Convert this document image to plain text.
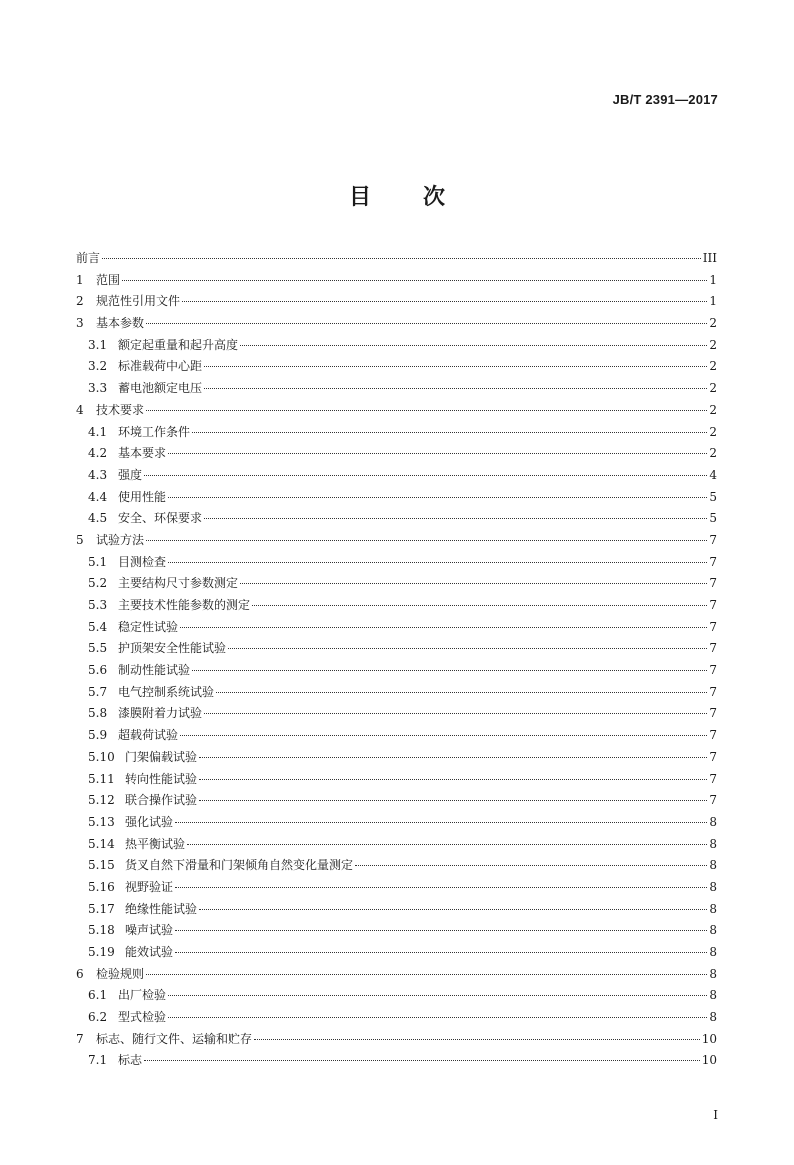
JB/T 2391—2017
目 次
前言	III
1	范围	1
2	规范性引用文件	1
3	基本参数	2
3.1 额定起重量和起升高度	2
3.2 标准载荷中心距	2
3.3 蓄电池额定电压	2
4	技术要求	2
4.1 环境工作条件	2
4.2 基本要求	2
4.3 强度	4
4.4 使用性能	5
4.5 安全、环保要求	5
5	试验方法	7
5.1 目测检查	7
5.2 主要结构尺寸参数测定	7
5.3 主要技术性能参数的测定	7
5.4 稳定性试验	7
5.5 护顶架安全性能试验	7
5.6 制动性能试验	7
5.7 电气控制系统试验	7
5.8 漆膜附着力试验	7
5.9 超载荷试验	7
5.10 门架偏载试验	7
5.11 转向性能试验	7
5.12 联合操作试验	7
5.13 强化试验	8
5.14 热平衡试验	8
5.15 货叉自然下滑量和门架倾角自然变化量测定	8
5.16 视野验证	8
5.17 绝缘性能试验	8
5.18 噪声试验	8
5.19 能效试验	8
6	检验规则	8
6.1 出厂检验	8
6.2 型式检验	8
7	标志、随行文件、运输和贮存	10
7.1 标志	10
I
